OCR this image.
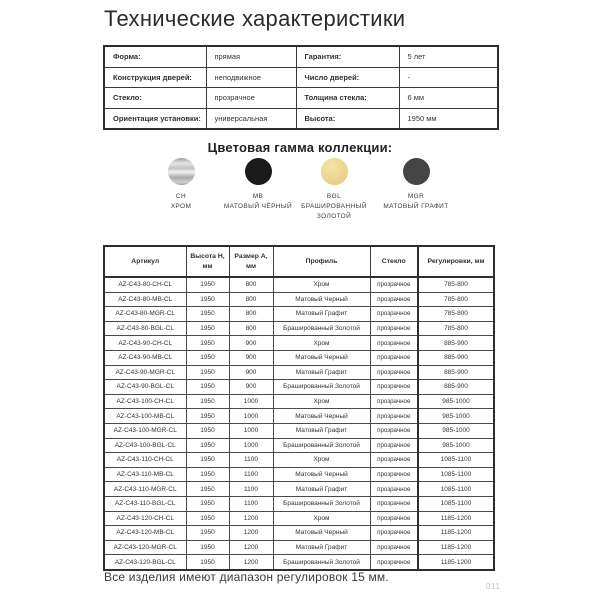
Технические характеристики
Форма:	прямая	Гарантия:	5 лет
Конструкция дверей:	неподвижное	Число дверей:	-
Стекло:	прозрачное	Толщина стекла:	6 мм
Ориентация установки:	универсальная	Высота:	1950 мм
Цветовая гамма коллекции:
CH
ХРОМ
MB
МАТОВЫЙ ЧЁРНЫЙ
BGL
БРАШИРОВАННЫЙ ЗОЛОТОЙ
MGR
МАТОВЫЙ ГРАФИТ
Артикул	Высота H, мм	Размер A, мм	Профиль	Стекло	Регулировки, мм
AZ-C43-80-CH-CL	1950	800	Хром	прозрачное	785-800
AZ-C43-80-MB-CL	1950	800	Матовый Черный	прозрачное	785-800
AZ-C43-80-MGR-CL	1950	800	Матовый Графит	прозрачное	785-800
AZ-C43-80-BGL-CL	1950	800	Брашированный Золотой	прозрачное	785-800
AZ-C43-90-CH-CL	1950	900	Хром	прозрачное	885-900
AZ-C43-90-MB-CL	1950	900	Матовый Черный	прозрачное	885-900
AZ-C43-90-MGR-CL	1950	900	Матовый Графит	прозрачное	885-900
AZ-C43-90-BGL-CL	1950	900	Брашированный Золотой	прозрачное	885-900
AZ-C43-100-CH-CL	1950	1000	Хром	прозрачное	985-1000
AZ-C43-100-MB-CL	1950	1000	Матовый Черный	прозрачное	985-1000
AZ-C43-100-MGR-CL	1950	1000	Матовый Графит	прозрачное	985-1000
AZ-C43-100-BGL-CL	1950	1000	Брашированный Золотой	прозрачное	985-1000
AZ-C43-110-CH-CL	1950	1100	Хром	прозрачное	1085-1100
AZ-C43-110-MB-CL	1950	1100	Матовый Черный	прозрачное	1085-1100
AZ-C43-110-MGR-CL	1950	1100	Матовый Графит	прозрачное	1085-1100
AZ-C43-110-BGL-CL	1950	1100	Брашированный Золотой	прозрачное	1085-1100
AZ-C43-120-CH-CL	1950	1200	Хром	прозрачное	1185-1200
AZ-C43-120-MB-CL	1950	1200	Матовый Черный	прозрачное	1185-1200
AZ-C43-120-MGR-CL	1950	1200	Матовый Графит	прозрачное	1185-1200
AZ-C43-120-BGL-CL	1950	1200	Брашированный Золотой	прозрачное	1185-1200
Все изделия имеют диапазон регулировок 15 мм.
011
